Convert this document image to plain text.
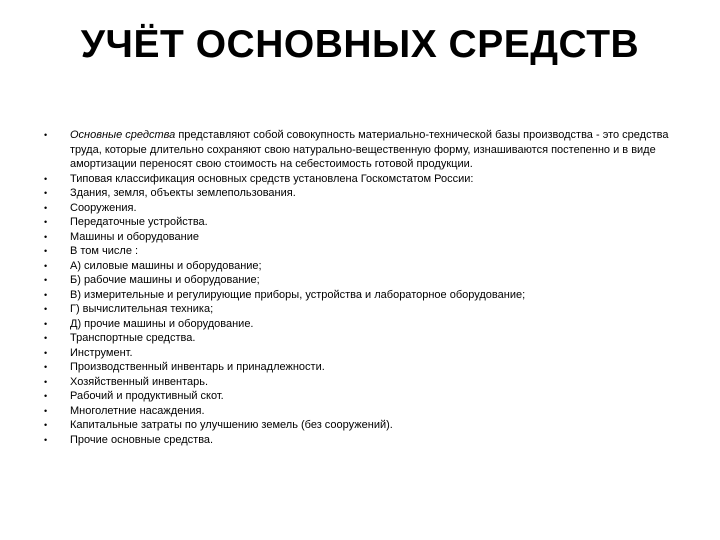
УЧЁТ ОСНОВНЫХ СРЕДСТВ
• Основные средства представляют собой совокупность материально-технической базы производства - это средства труда, которые длительно сохраняют свою натурально-вещественную форму, изнашиваются постепенно и в виде амортизации переносят свою стоимость на себестоимость готовой продукции.
• Типовая классификация основных средств установлена Госкомстатом России:
• Здания, земля, объекты землепользования.
• Сооружения.
• Передаточные устройства.
• Машины и оборудование
• В том числе :
• А) силовые машины и оборудование;
• Б) рабочие машины и оборудование;
• В) измерительные и регулирующие приборы, устройства и лабораторное оборудование;
• Г) вычислительная техника;
• Д) прочие машины и оборудование.
• Транспортные средства.
• Инструмент.
• Производственный инвентарь и принадлежности.
• Хозяйственный инвентарь.
• Рабочий и продуктивный скот.
• Многолетние насаждения.
• Капитальные затраты по улучшению земель (без сооружений).
• Прочие основные средства.
